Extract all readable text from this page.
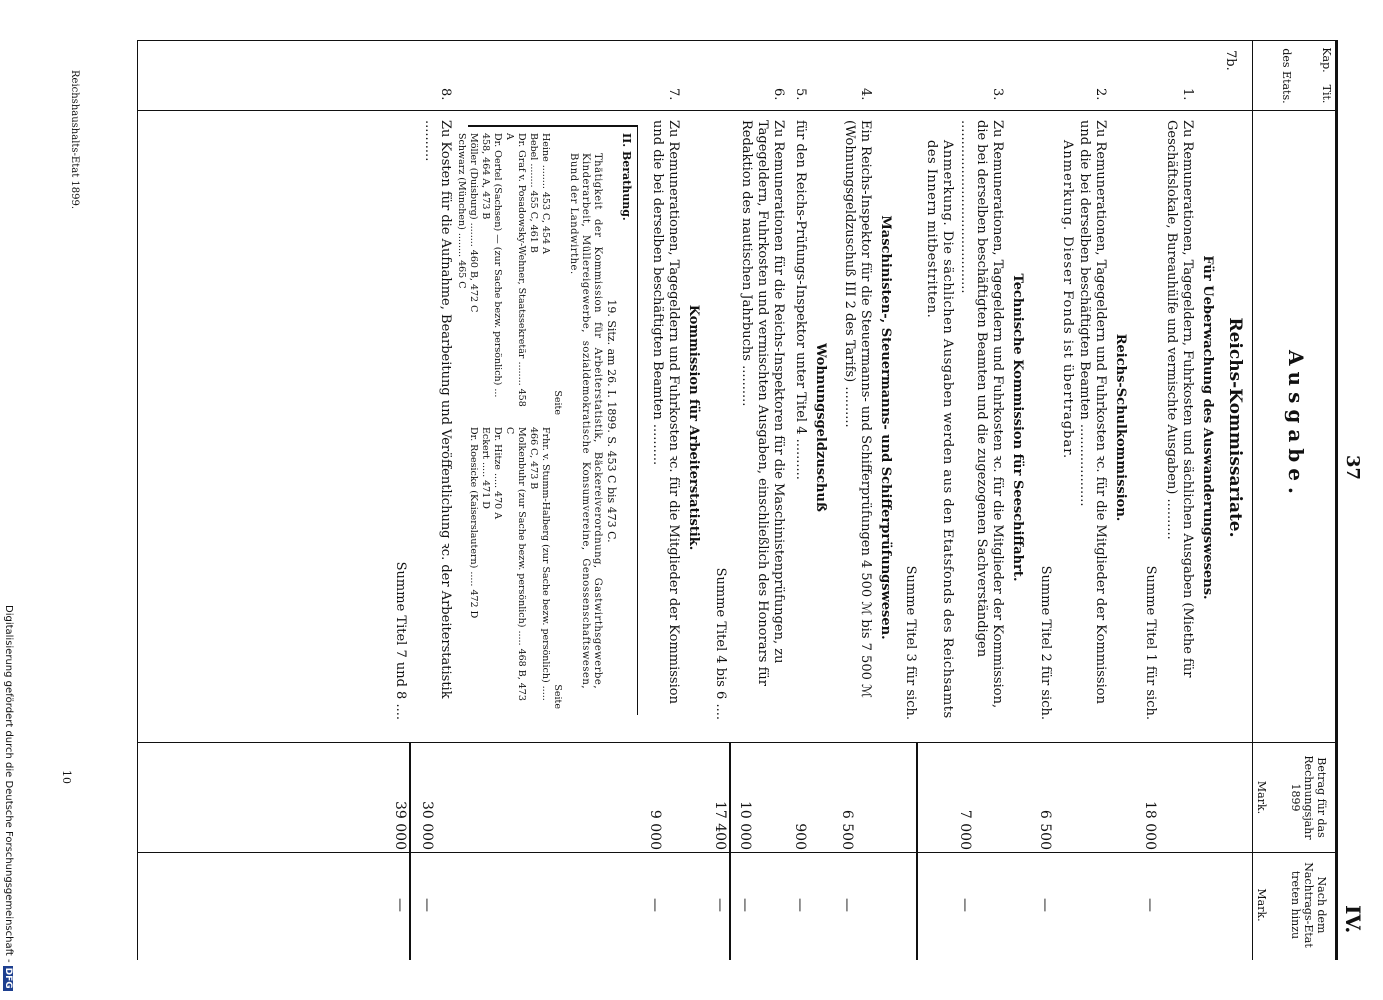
37
IV.
Kap.
Tit.
des Etats.
Betrag für das Rechnungsjahr 1899
Mark.
Nach dem Nachtrags-Etat treten hinzu
Mark.
Ausgabe.
7b.
Reichs-Kommissariate.
Für Ueberwachung des Auswanderungswesens.
1.
Zu Remunerationen, Tagegeldern, Fuhrkosten und sächlichen Ausgaben (Miethe für Geschäftslokale, Bureauhülfe und vermischte Ausgaben) ..........
Summe Titel 1 für sich.
18 000
—
Reichs-Schulkommission.
2.
Zu Remunerationen, Tagegeldern und Fuhrkosten ꝛc. für die Mitglieder der Kommission und die bei derselben beschäftigten Beamten ....................
Anmerkung. Dieser Fonds ist übertragbar.
Summe Titel 2 für sich.
6 500
—
Technische Kommission für Seeschiffahrt.
3.
Zu Remunerationen, Tagegeldern und Fuhrkosten ꝛc. für die Mitglieder der Kommission, die bei derselben beschäftigten Beamten und die zugezogenen Sachverständigen ..........................................
Anmerkung. Die sächlichen Ausgaben werden aus den Etatsfonds des Reichsamts des Innern mitbestritten.
Summe Titel 3 für sich.
7 000
—
Maschinisten-, Steuermanns- und Schifferprüfungswesen.
4.
Ein Reichs-Inspektor für die Steuermanns- und Schifferprüfungen 4 500 ℳ bis 7 500 ℳ (Wohnungsgeldzuschuß III 2 des Tarifs) ..........
6 500
—
Wohnungsgeldzuschuß
5.
für den Reichs-Prüfungs-Inspektor unter Titel 4 ..........
900
—
6.
Zu Remunerationen für die Reichs-Inspektoren für die Maschinistenprüfungen, zu Tagegeldern, Fuhrkosten und vermischten Ausgaben, einschließlich des Honorars für Redaktion des nautischen Jahrbuchs ..........
10 000
—
Summe Titel 4 bis 6 ....
17 400
—
Kommission für Arbeiterstatistik.
7.
Zu Remunerationen, Tagegeldern und Fuhrkosten ꝛc. für die Mitglieder der Kommission und die bei derselben beschäftigten Beamten ..........
9 000
—
II. Berathung.
19. Sitz. am 26. I. 1899. S. 453 C bis 473 C.
Thätigkeit der Kommission für Arbeiterstatistik, Bäckereiverordnung, Gastwirthsgewerbe, Kinderarbeit, Müllereigewerbe, sozialdemokratische Konsumvereine, Genossenschaftswesen, Bund der Landwirthe.
Seite
Heine ........ 453 C, 454 A
Bebel ........ 455 C, 461 B
Dr. Graf v. Posadowsky-Wehner, Staatssekretär ........ 458 A
Dr. Oertel (Sachsen) — (zur Sache bezw. persönlich) ... 458, 464 A, 473 B
Möller (Duisburg) ........ 460 B, 472 C
Schwarz (München) ........ 465 C
Seite
Frhr. v. Stumm-Halberg (zur Sache bezw. persönlich) ..... 466 C, 473 B
Molkenbuhr (zur Sache bezw. persönlich) ..... 468 B, 473 C
Dr. Hitze ..... 470 A
Eckert ..... 471 D
Dr. Roesicke (Kaiserslautern) ..... 472 D
8.
Zu Kosten für die Aufnahme, Bearbeitung und Veröffentlichung ꝛc. der Arbeiterstatistik ..........
30 000
—
Summe Titel 7 und 8 ....
39 000
—
10
Reichshaushalts-Etat 1899.
Digitalisierung gefördert durch die Deutsche Forschungsgemeinschaft -DFG
